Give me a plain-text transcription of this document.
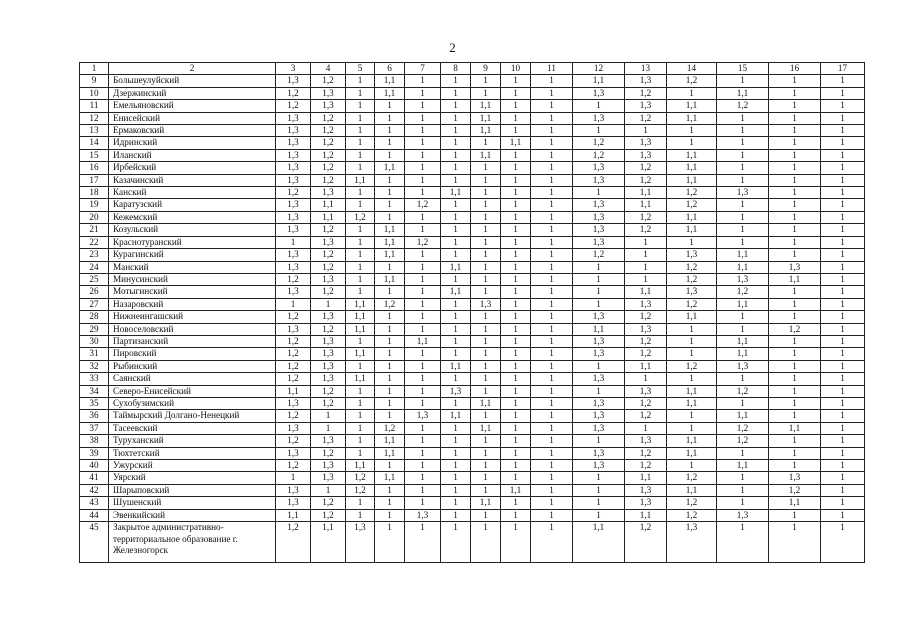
2
1	2	3	4	5	6	7	8	9	10	11	12	13	14	15	16	17
9	Большеулуйский	1,3	1,2	1	1,1	1	1	1	1	1	1,1	1,3	1,2	1	1	1
10	Дзержинский	1,2	1,3	1	1,1	1	1	1	1	1	1,3	1,2	1	1,1	1	1
11	Емельяновский	1,2	1,3	1	1	1	1	1,1	1	1	1	1,3	1,1	1,2	1	1
12	Енисейский	1,3	1,2	1	1	1	1	1,1	1	1	1,3	1,2	1,1	1	1	1
13	Ермаковский	1,3	1,2	1	1	1	1	1,1	1	1	1	1	1	1	1	1
14	Идринский	1,3	1,2	1	1	1	1	1	1,1	1	1,2	1,3	1	1	1	1
15	Иланский	1,3	1,2	1	1	1	1	1,1	1	1	1,2	1,3	1,1	1	1	1
16	Ирбейский	1,3	1,2	1	1,1	1	1	1	1	1	1,3	1,2	1,1	1	1	1
17	Казачинский	1,3	1,2	1,1	1	1	1	1	1	1	1,3	1,2	1,1	1	1	1
18	Канский	1,2	1,3	1	1	1	1,1	1	1	1	1	1,1	1,2	1,3	1	1
19	Каратузский	1,3	1,1	1	1	1,2	1	1	1	1	1,3	1,1	1,2	1	1	1
20	Кежемский	1,3	1,1	1,2	1	1	1	1	1	1	1,3	1,2	1,1	1	1	1
21	Козульский	1,3	1,2	1	1,1	1	1	1	1	1	1,3	1,2	1,1	1	1	1
22	Краснотуранский	1	1,3	1	1,1	1,2	1	1	1	1	1,3	1	1	1	1	1
23	Курагинский	1,3	1,2	1	1,1	1	1	1	1	1	1,2	1	1,3	1,1	1	1
24	Манский	1,3	1,2	1	1	1	1,1	1	1	1	1	1	1,2	1,1	1,3	1
25	Минусинский	1,2	1,3	1	1,1	1	1	1	1	1	1	1	1,2	1,3	1,1	1
26	Мотыгинский	1,3	1,2	1	1	1	1,1	1	1	1	1	1,1	1,3	1,2	1	1
27	Назаровский	1	1	1,1	1,2	1	1	1,3	1	1	1	1,3	1,2	1,1	1	1
28	Нижнеингашский	1,2	1,3	1,1	1	1	1	1	1	1	1,3	1,2	1,1	1	1	1
29	Новоселовский	1,3	1,2	1,1	1	1	1	1	1	1	1,1	1,3	1	1	1,2	1
30	Партизанский	1,2	1,3	1	1	1,1	1	1	1	1	1,3	1,2	1	1,1	1	1
31	Пировский	1,2	1,3	1,1	1	1	1	1	1	1	1,3	1,2	1	1,1	1	1
32	Рыбинский	1,2	1,3	1	1	1	1,1	1	1	1	1	1,1	1,2	1,3	1	1
33	Саянский	1,2	1,3	1,1	1	1	1	1	1	1	1,3	1	1	1	1	1
34	Северо-Енисейский	1,1	1,2	1	1	1	1,3	1	1	1	1	1,3	1,1	1,2	1	1
35	Сухобузимский	1,3	1,2	1	1	1	1	1,1	1	1	1,3	1,2	1,1	1	1	1
36	Таймырский Долгано-Ненецкий	1,2	1	1	1	1,3	1,1	1	1	1	1,3	1,2	1	1,1	1	1
37	Тасеевский	1,3	1	1	1,2	1	1	1,1	1	1	1,3	1	1	1,2	1,1	1
38	Туруханский	1,2	1,3	1	1,1	1	1	1	1	1	1	1,3	1,1	1,2	1	1
39	Тюхтетский	1,3	1,2	1	1,1	1	1	1	1	1	1,3	1,2	1,1	1	1	1
40	Ужурский	1,2	1,3	1,1	1	1	1	1	1	1	1,3	1,2	1	1,1	1	1
41	Уярский	1	1,3	1,2	1,1	1	1	1	1	1	1	1,1	1,2	1	1,3	1
42	Шарыповский	1,3	1	1,2	1	1	1	1	1,1	1	1	1,3	1,1	1	1,2	1
43	Шушенский	1,3	1,2	1	1	1	1	1,1	1	1	1	1,3	1,2	1	1,1	1
44	Эвенкийский	1,1	1,2	1	1	1,3	1	1	1	1	1	1,1	1,2	1,3	1	1
45	Закрытое административно-территориальное образование г. Железногорск	1,2	1,1	1,3	1	1	1	1	1	1	1,1	1,2	1,3	1	1	1
